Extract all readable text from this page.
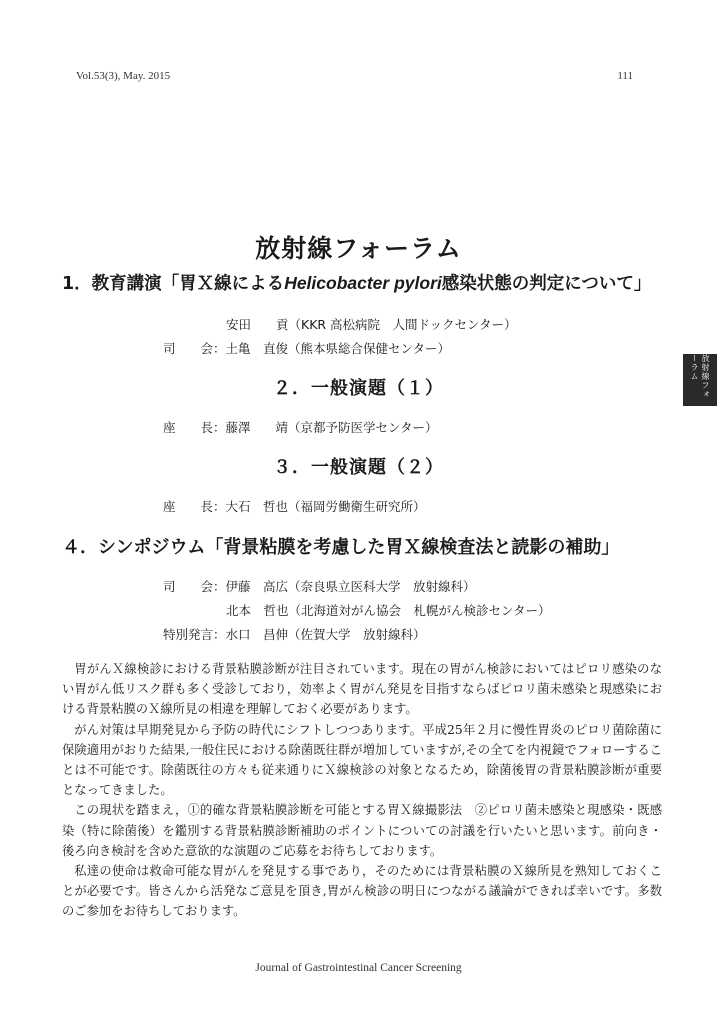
Vol.53(3), May. 2015	111
放射線フォーラム
放射線フォーラム
1．教育講演「胃Ｘ線によるHelicobacter pylori感染状態の判定について」
安田　　貢（KKR 高松病院　人間ドックセンター）
司　　会：土亀　直俊（熊本県総合保健センター）
２．一般演題（１）
座　　長：藤澤　　靖（京都予防医学センター）
３．一般演題（２）
座　　長：大石　哲也（福岡労働衛生研究所）
４．シンポジウム「背景粘膜を考慮した胃Ｘ線検査法と読影の補助」
司　　会：伊藤　高広（奈良県立医科大学　放射線科）
北本　哲也（北海道対がん協会　札幌がん検診センター）
特別発言：水口　昌伸（佐賀大学　放射線科）

胃がんＸ線検診における背景粘膜診断が注目されています。現在の胃がん検診においてはピロリ感染のない胃がん低リスク群も多く受診しており，効率よく胃がん発見を目指すならばピロリ菌未感染と現感染における背景粘膜のＸ線所見の相違を理解しておく必要があります。

がん対策は早期発見から予防の時代にシフトしつつあります。平成25年２月に慢性胃炎のピロリ菌除菌に保険適用がおりた結果,一般住民における除菌既往群が増加していますが,その全てを内視鏡でフォローすることは不可能です。除菌既往の方々も従来通りにＸ線検診の対象となるため，除菌後胃の背景粘膜診断が重要となってきました。

この現状を踏まえ，①的確な背景粘膜診断を可能とする胃Ｘ線撮影法　②ピロリ菌未感染と現感染・既感染（特に除菌後）を鑑別する背景粘膜診断補助のポイントについての討議を行いたいと思います。前向き・後ろ向き検討を含めた意欲的な演題のご応募をお待ちしております。

私達の使命は救命可能な胃がんを発見する事であり，そのためには背景粘膜のＸ線所見を熟知しておくことが必要です。皆さんから活発なご意見を頂き,胃がん検診の明日につながる議論ができれば幸いです。多数のご参加をお待ちしております。

Journal of Gastrointestinal Cancer Screening
